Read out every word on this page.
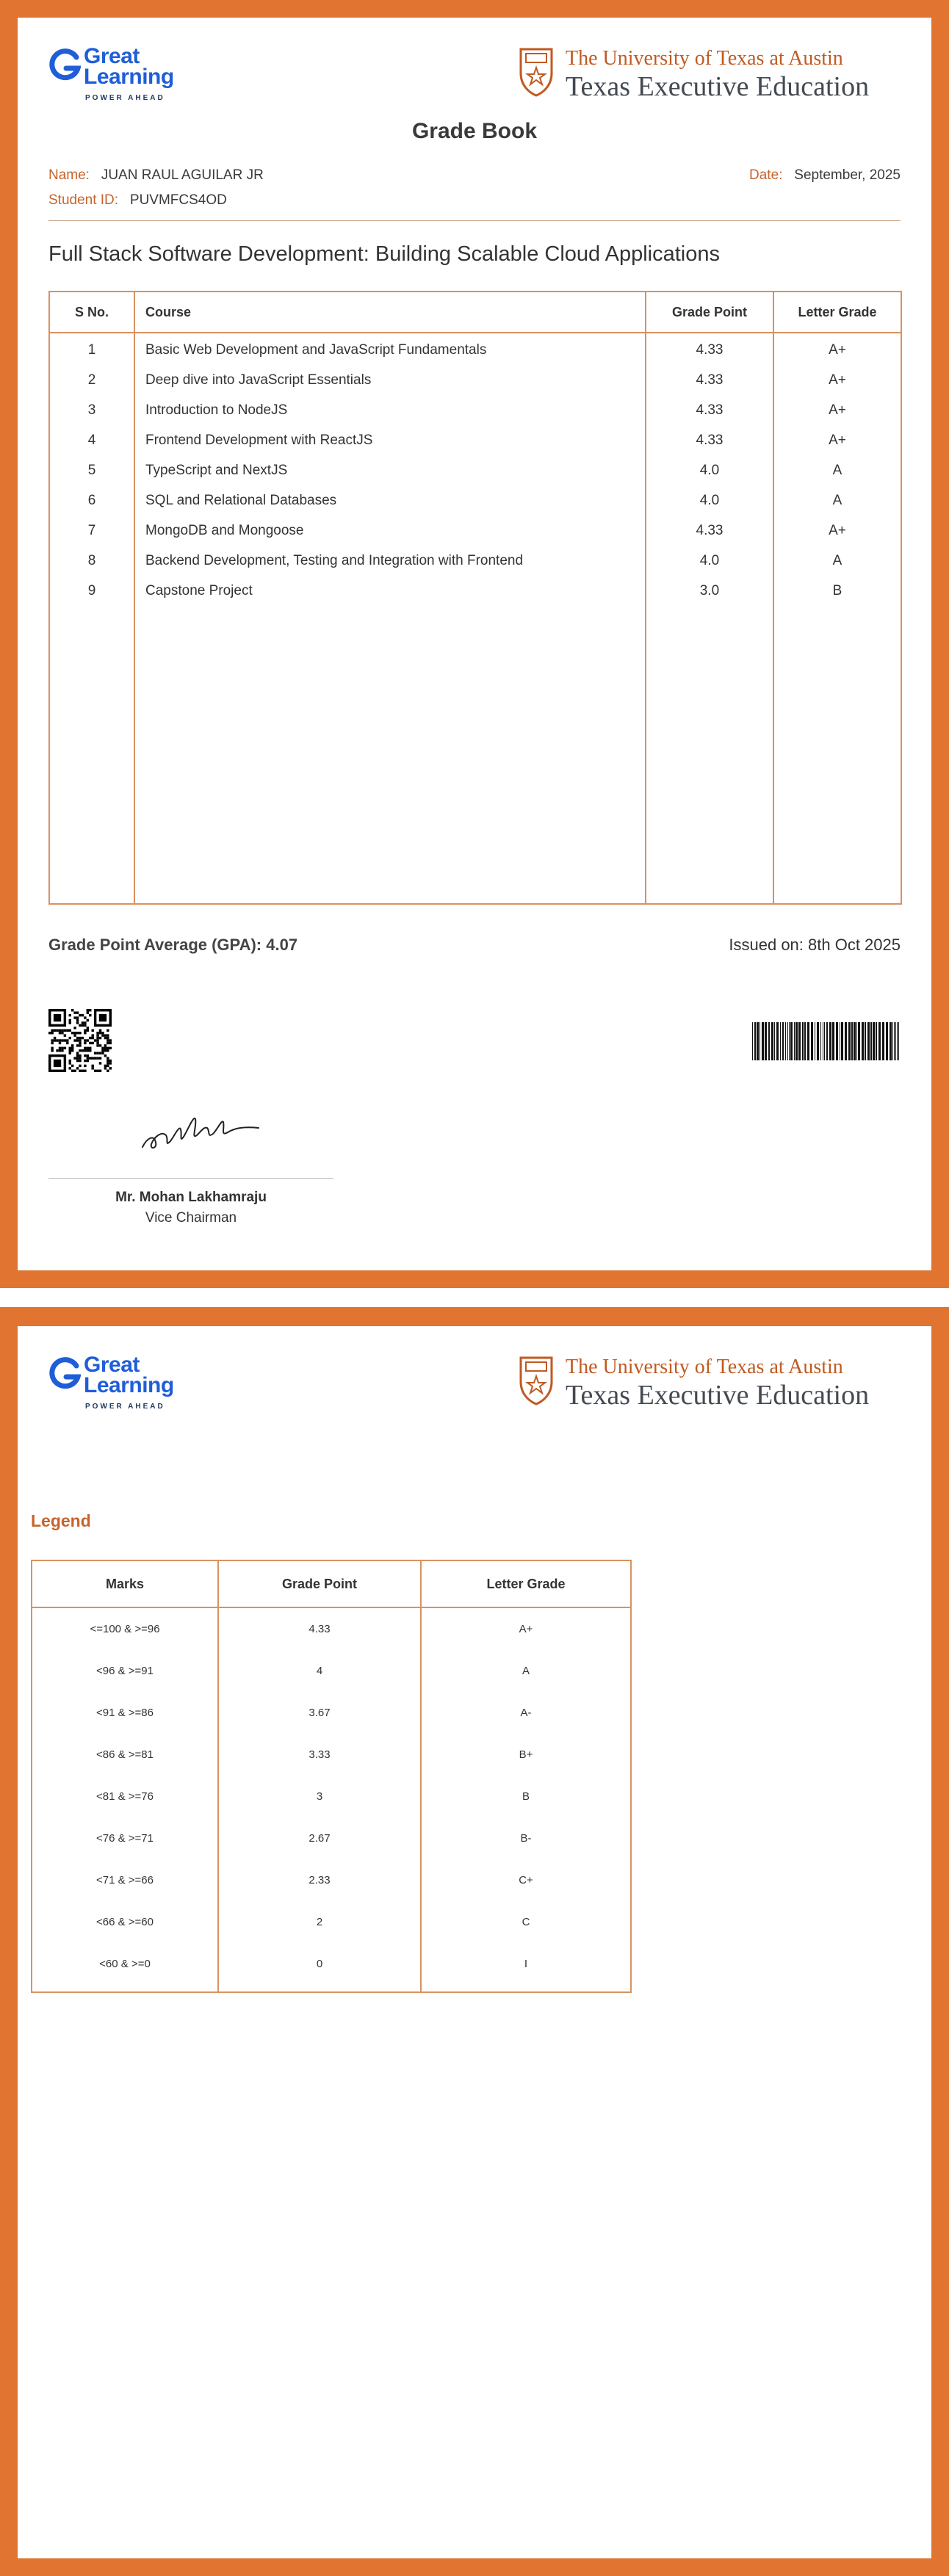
Great
Learning
POWER AHEAD
The University of Texas at Austin
Texas Executive Education
Grade Book
Name: JUAN RAUL AGUILAR JR	Date: September, 2025
Student ID: PUVMFCS4OD
Full Stack Software Development: Building Scalable Cloud Applications
S No.	Course	Grade Point	Letter Grade
1	Basic Web Development and JavaScript Fundamentals	4.33	A+
2	Deep dive into JavaScript Essentials	4.33	A+
3	Introduction to NodeJS	4.33	A+
4	Frontend Development with ReactJS	4.33	A+
5	TypeScript and NextJS	4.0	A
6	SQL and Relational Databases	4.0	A
7	MongoDB and Mongoose	4.33	A+
8	Backend Development, Testing and Integration with Frontend	4.0	A
9	Capstone Project	3.0	B
Grade Point Average (GPA): 4.07	Issued on: 8th Oct 2025
Mr. Mohan Lakhamraju
Vice Chairman
Great
Learning
POWER AHEAD
The University of Texas at Austin
Texas Executive Education
Legend
Marks	Grade Point	Letter Grade
<=100 & >=96	4.33	A+
<96 & >=91	4	A
<91 & >=86	3.67	A-
<86 & >=81	3.33	B+
<81 & >=76	3	B
<76 & >=71	2.67	B-
<71 & >=66	2.33	C+
<66 & >=60	2	C
<60 & >=0	0	I
